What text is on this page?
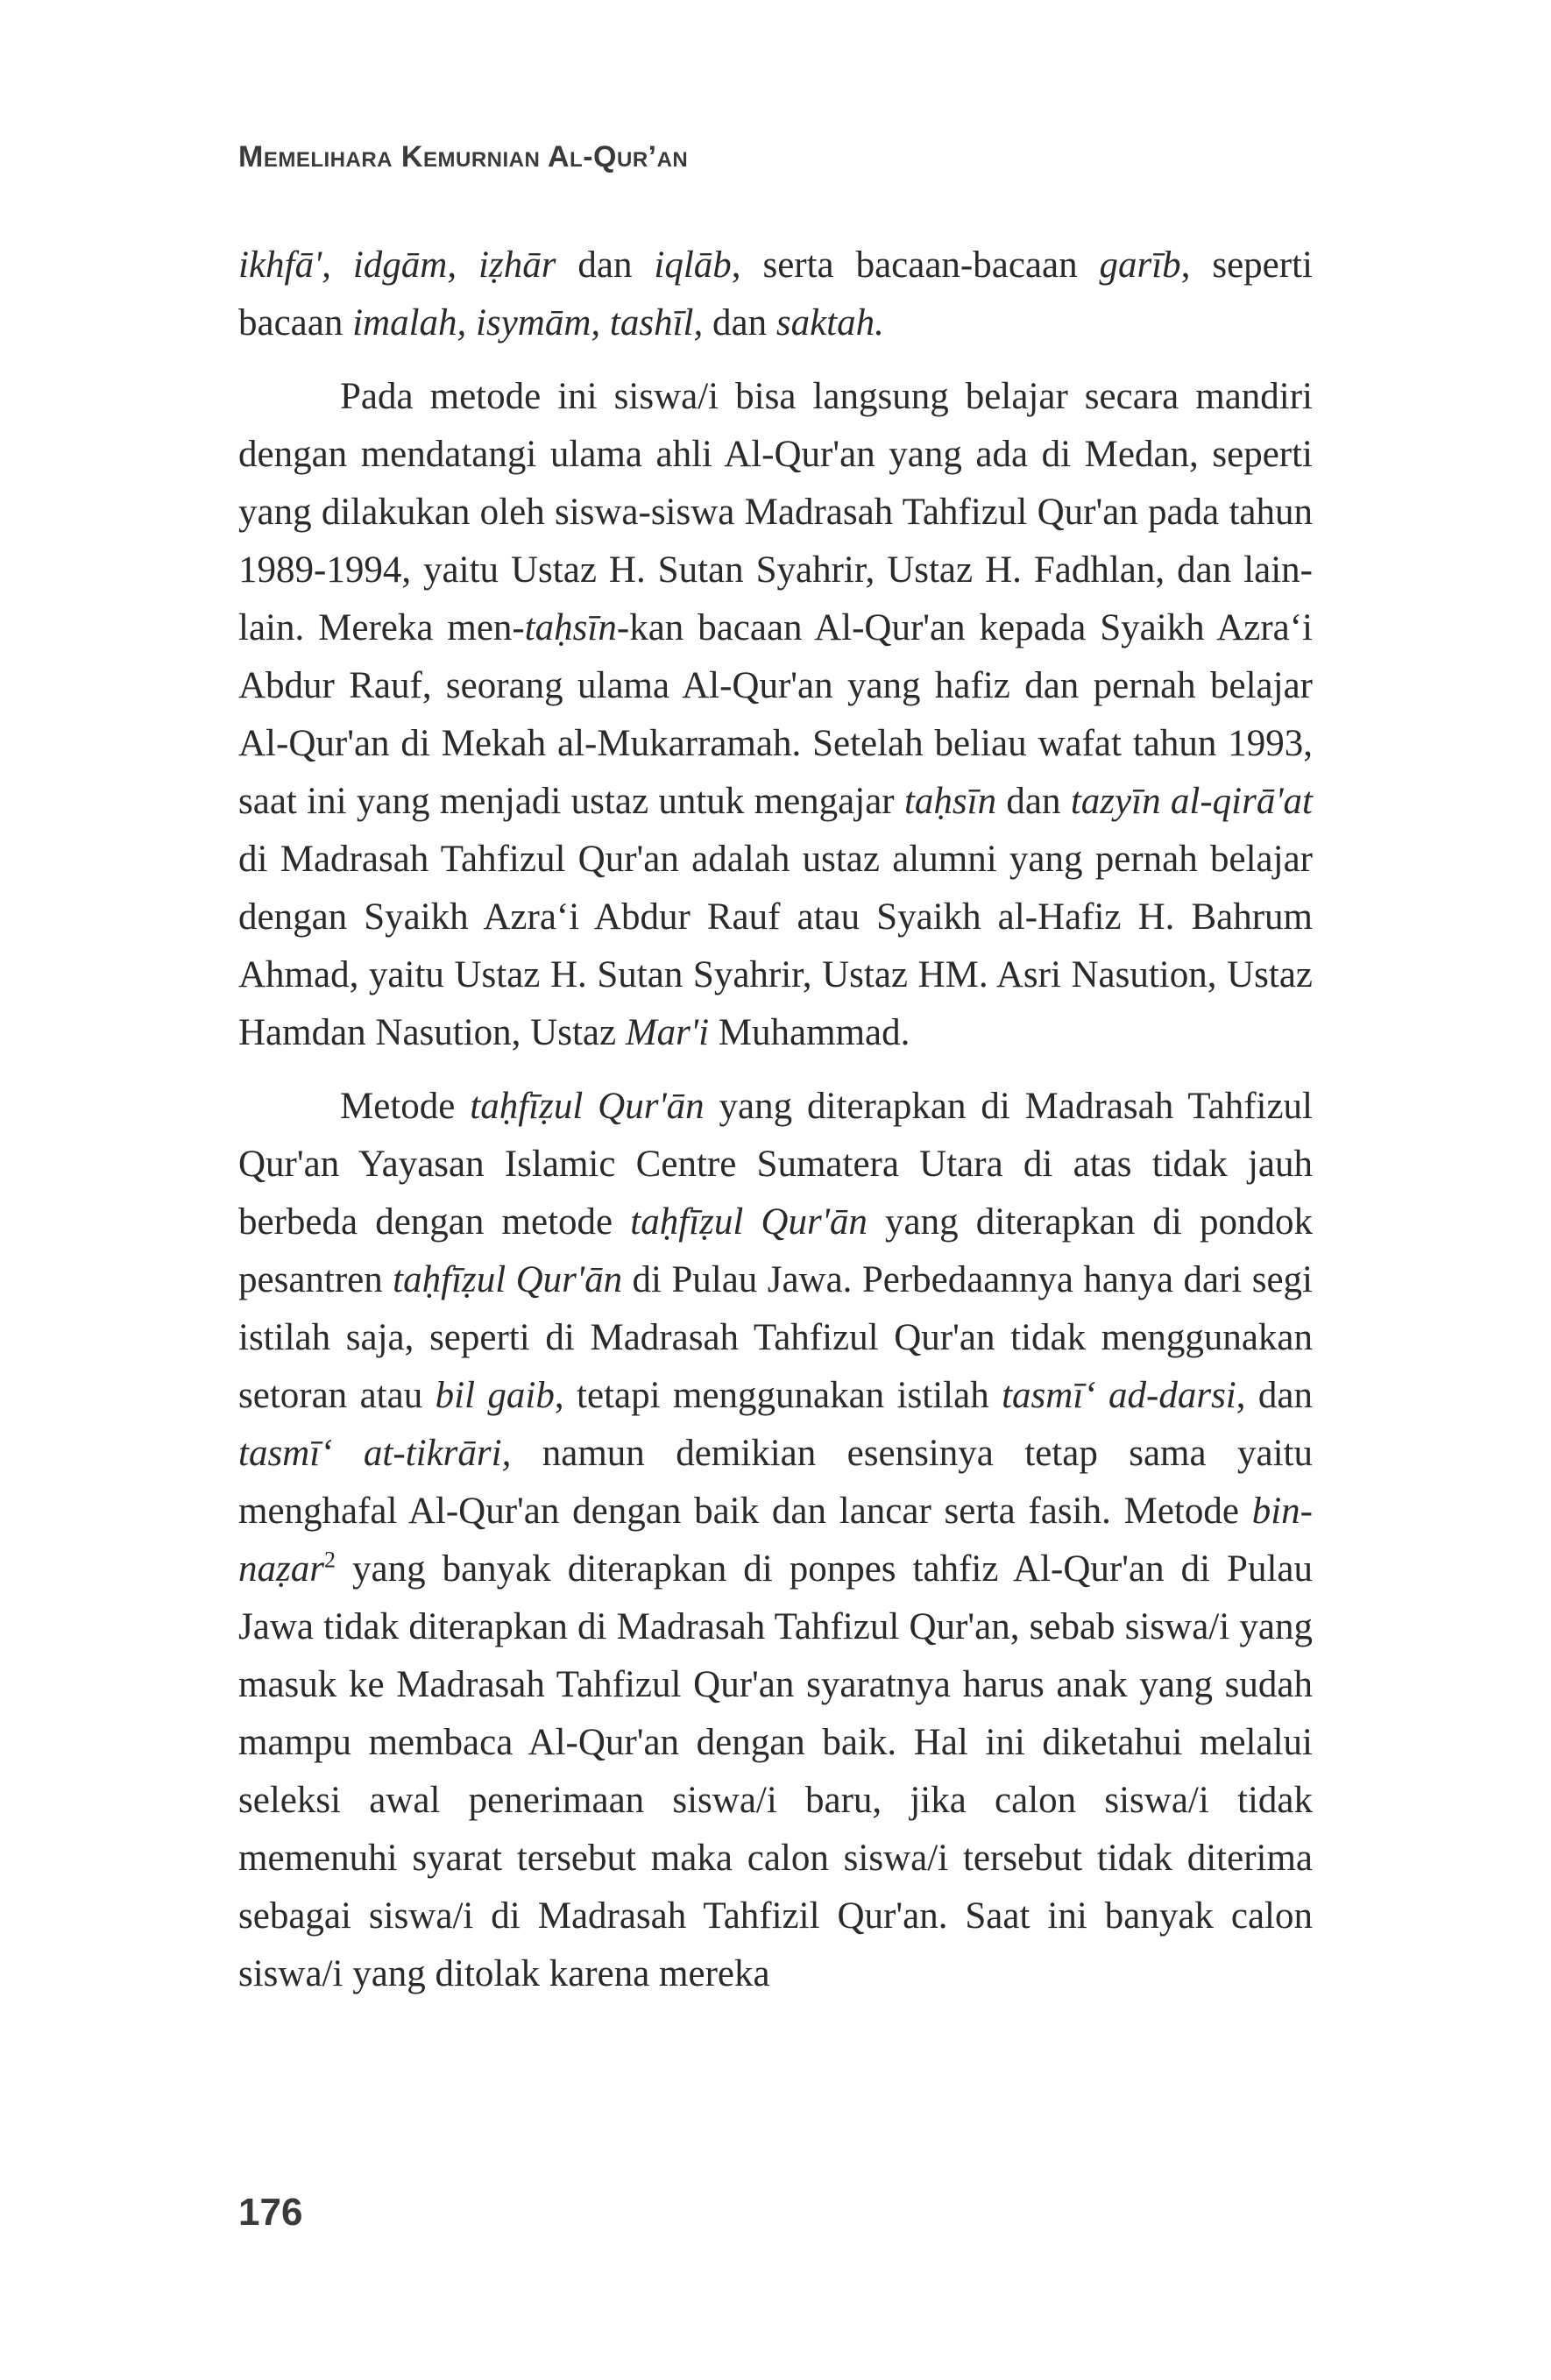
Memelihara Kemurnian Al-Qur’an

ikhfā', idgām, iẓhār dan iqlāb, serta bacaan-bacaan garīb, seperti bacaan imalah, isymām, tashīl, dan saktah.

Pada metode ini siswa/i bisa langsung belajar secara mandiri dengan mendatangi ulama ahli Al-Qur'an yang ada di Medan, seperti yang dilakukan oleh siswa-siswa Madrasah Tahfizul Qur'an pada tahun 1989-1994, yaitu Ustaz H. Sutan Syahrir, Ustaz H. Fadhlan, dan lain-lain. Mereka men-taḥsīn-kan bacaan Al-Qur'an kepada Syaikh Azra‘i Abdur Rauf, seorang ulama Al-Qur'an yang hafiz dan pernah belajar Al-Qur'an di Mekah al-Mukarramah. Setelah beliau wafat tahun 1993, saat ini yang menjadi ustaz untuk mengajar taḥsīn dan tazyīn al-qirā'at di Madrasah Tahfizul Qur'an adalah ustaz alumni yang pernah belajar dengan Syaikh Azra‘i Abdur Rauf atau Syaikh al-Hafiz H. Bahrum Ahmad, yaitu Ustaz H. Sutan Syahrir, Ustaz HM. Asri Nasution, Ustaz Hamdan Nasution, Ustaz Mar'i Muhammad.

Metode taḥfīẓul Qur'ān yang diterapkan di Madrasah Tahfizul Qur'an Yayasan Islamic Centre Sumatera Utara di atas tidak jauh berbeda dengan metode taḥfīẓul Qur'ān yang diterapkan di pondok pesantren taḥfīẓul Qur'ān di Pulau Jawa. Perbedaannya hanya dari segi istilah saja, seperti di Madrasah Tahfizul Qur'an tidak menggunakan setoran atau bil gaib, tetapi menggunakan istilah tasmī‘ ad-darsi, dan tasmī‘ at-tikrāri, namun demikian esensinya tetap sama yaitu menghafal Al-Qur'an dengan baik dan lancar serta fasih. Metode bin-naẓar$^2$ yang banyak diterapkan di ponpes tahfiz Al-Qur'an di Pulau Jawa tidak diterapkan di Madrasah Tahfizul Qur'an, sebab siswa/i yang masuk ke Madrasah Tahfizul Qur'an syaratnya harus anak yang sudah mampu membaca Al-Qur'an dengan baik. Hal ini diketahui melalui seleksi awal penerimaan siswa/i baru, jika calon siswa/i tidak memenuhi syarat tersebut maka calon siswa/i tersebut tidak diterima sebagai siswa/i di Madrasah Tahfizil Qur'an. Saat ini banyak calon siswa/i yang ditolak karena mereka

176
